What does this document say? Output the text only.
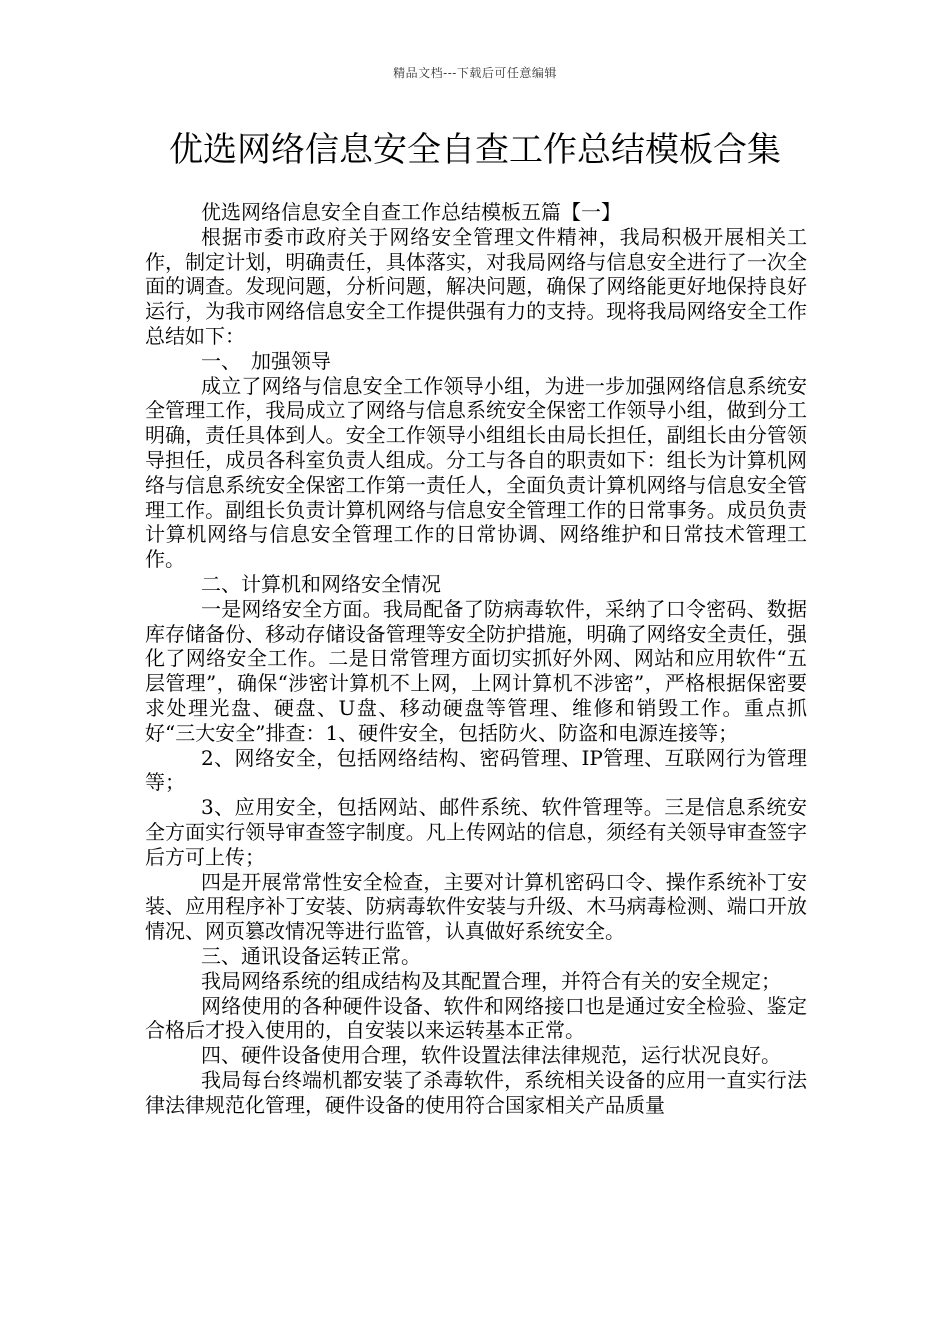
精品文档---下载后可任意编辑
优选网络信息安全自查工作总结模板合集

优选网络信息安全自查工作总结模板五篇【一】

根据市委市政府关于网络安全管理文件精神，我局积极开展相关工作，制定计划，明确责任，具体落实，对我局网络与信息安全进行了一次全面的调查。发现问题，分析问题，解决问题，确保了网络能更好地保持良好运行，为我市网络信息安全工作提供强有力的支持。现将我局网络安全工作总结如下：

一、　加强领导

成立了网络与信息安全工作领导小组，为进一步加强网络信息系统安全管理工作，我局成立了网络与信息系统安全保密工作领导小组，做到分工明确，责任具体到人。安全工作领导小组组长由局长担任，副组长由分管领导担任，成员各科室负责人组成。分工与各自的职责如下：组长为计算机网络与信息系统安全保密工作第一责任人，全面负责计算机网络与信息安全管理工作。副组长负责计算机网络与信息安全管理工作的日常事务。成员负责计算机网络与信息安全管理工作的日常协调、网络维护和日常技术管理工作。

二、计算机和网络安全情况

一是网络安全方面。我局配备了防病毒软件，采纳了口令密码、数据库存储备份、移动存储设备管理等安全防护措施，明确了网络安全责任，强化了网络安全工作。二是日常管理方面切实抓好外网、网站和应用软件“五层管理”，确保“涉密计算机不上网，上网计算机不涉密”，严格根据保密要求处理光盘、硬盘、U盘、移动硬盘等管理、维修和销毁工作。重点抓好“三大安全”排查：1、硬件安全，包括防火、防盗和电源连接等；

2、网络安全，包括网络结构、密码管理、IP管理、互联网行为管理等；

3、应用安全，包括网站、邮件系统、软件管理等。三是信息系统安全方面实行领导审查签字制度。凡上传网站的信息，须经有关领导审查签字后方可上传；

四是开展常常性安全检查，主要对计算机密码口令、操作系统补丁安装、应用程序补丁安装、防病毒软件安装与升级、木马病毒检测、端口开放情况、网页篡改情况等进行监管，认真做好系统安全。

三、通讯设备运转正常。

我局网络系统的组成结构及其配置合理，并符合有关的安全规定；

网络使用的各种硬件设备、软件和网络接口也是通过安全检验、鉴定合格后才投入使用的，自安装以来运转基本正常。

四、硬件设备使用合理，软件设置法律法律规范，运行状况良好。

我局每台终端机都安装了杀毒软件，系统相关设备的应用一直实行法律法律规范化管理，硬件设备的使用符合国家相关产品质量
